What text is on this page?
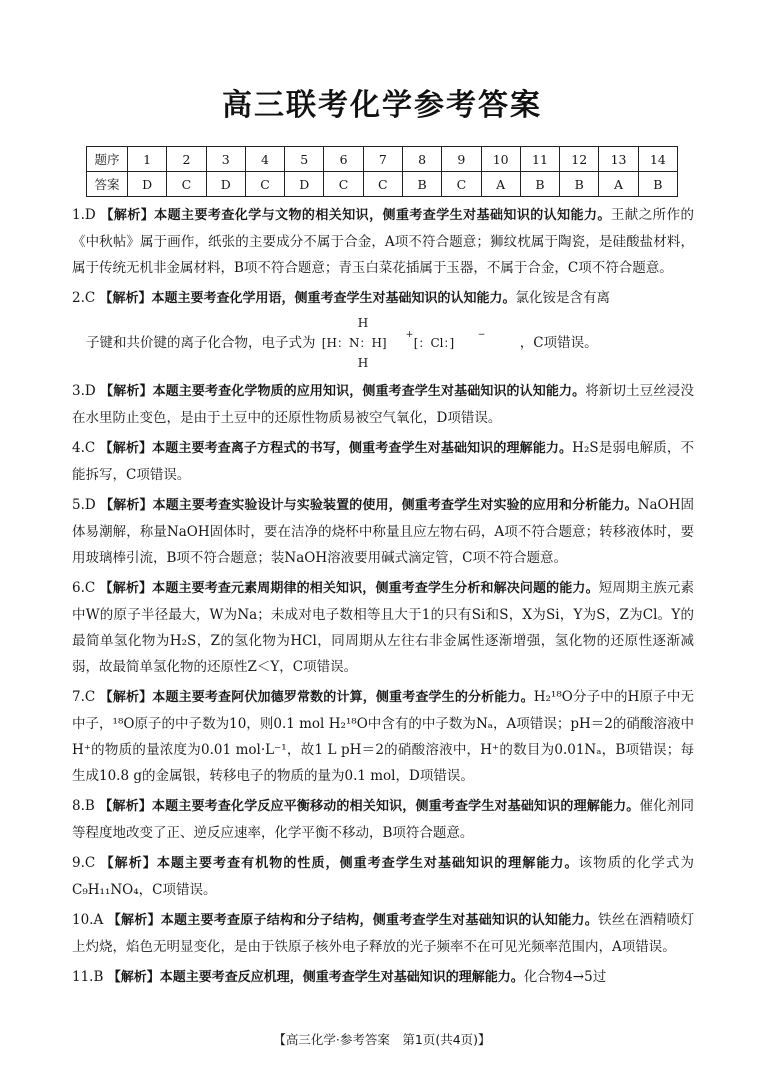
高三联考化学参考答案
题序	1	2	3	4	5	6	7	8	9	10	11	12	13	14
答案	D	C	D	C	D	C	C	B	C	A	B	B	A	B
1.D 【解析】本题主要考查化学与文物的相关知识，侧重考查学生对基础知识的认知能力。王献之所作的《中秋帖》属于画作，纸张的主要成分不属于合金，A项不符合题意；狮纹枕属于陶瓷，是硅酸盐材料，属于传统无机非金属材料，B项不符合题意；青玉白菜花插属于玉器，不属于合金，C项不符合题意。
2.C 【解析】本题主要考查化学用语，侧重考查学生对基础知识的认知能力。氯化铵是含有离
子键和共价键的离子化合物，电子式为 [H：N：H]
H
H
+
[：Cl：]
−	，C项错误。
3.D 【解析】本题主要考查化学物质的应用知识，侧重考查学生对基础知识的认知能力。将新切土豆丝浸没在水里防止变色，是由于土豆中的还原性物质易被空气氧化，D项错误。
4.C 【解析】本题主要考查离子方程式的书写，侧重考查学生对基础知识的理解能力。H₂S是弱电解质，不能拆写，C项错误。
5.D 【解析】本题主要考查实验设计与实验装置的使用，侧重考查学生对实验的应用和分析能力。NaOH固体易潮解，称量NaOH固体时，要在洁净的烧杯中称量且应左物右码，A项不符合题意；转移液体时，要用玻璃棒引流，B项不符合题意；装NaOH溶液要用碱式滴定管，C项不符合题意。
6.C 【解析】本题主要考查元素周期律的相关知识，侧重考查学生分析和解决问题的能力。短周期主族元素中W的原子半径最大，W为Na；未成对电子数相等且大于1的只有Si和S，X为Si，Y为S，Z为Cl。Y的最简单氢化物为H₂S，Z的氢化物为HCl，同周期从左往右非金属性逐渐增强，氢化物的还原性逐渐减弱，故最简单氢化物的还原性Z＜Y，C项错误。
7.C 【解析】本题主要考查阿伏加德罗常数的计算，侧重考查学生的分析能力。H₂¹⁸O分子中的H原子中无中子，¹⁸O原子的中子数为10，则0.1 mol H₂¹⁸O中含有的中子数为Nₐ，A项错误；pH＝2的硝酸溶液中H⁺的物质的量浓度为0.01 mol·L⁻¹，故1 L pH＝2的硝酸溶液中，H⁺的数目为0.01Nₐ，B项错误；每生成10.8 g的金属银，转移电子的物质的量为0.1 mol，D项错误。
8.B 【解析】本题主要考查化学反应平衡移动的相关知识，侧重考查学生对基础知识的理解能力。催化剂同等程度地改变了正、逆反应速率，化学平衡不移动，B项符合题意。
9.C 【解析】本题主要考查有机物的性质，侧重考查学生对基础知识的理解能力。该物质的化学式为C₉H₁₁NO₄，C项错误。
10.A 【解析】本题主要考查原子结构和分子结构，侧重考查学生对基础知识的认知能力。铁丝在酒精喷灯上灼烧，焰色无明显变化，是由于铁原子核外电子释放的光子频率不在可见光频率范围内，A项错误。
11.B 【解析】本题主要考查反应机理，侧重考查学生对基础知识的理解能力。化合物4→5过
【高三化学·参考答案　第1页(共4页)】
